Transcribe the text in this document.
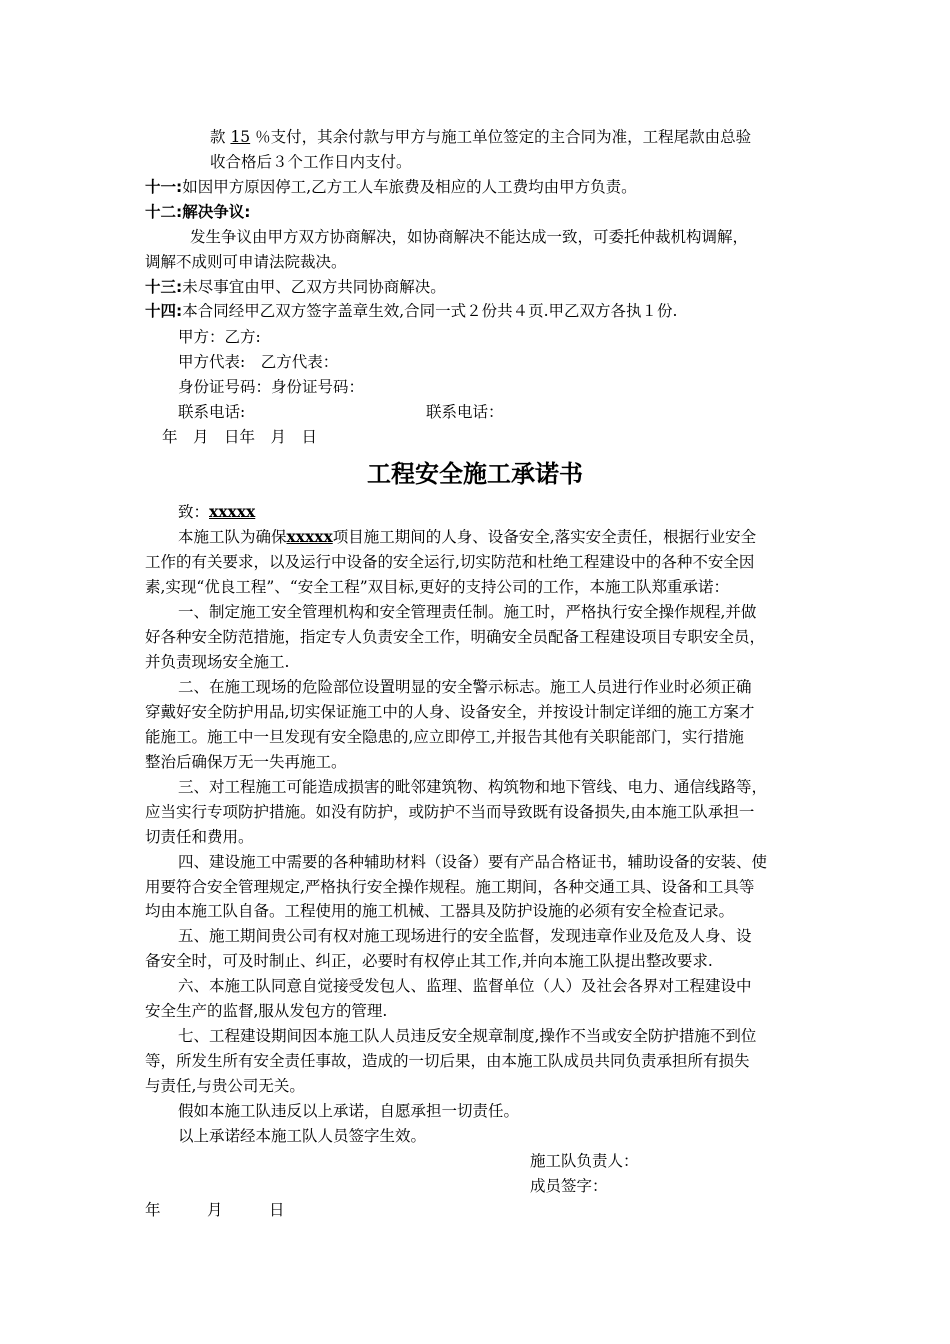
款 15 ％支付，其余付款与甲方与施工单位签定的主合同为准，工程尾款由总验
收合格后３个工作日内支付。
十一:如因甲方原因停工,乙方工人车旅费及相应的人工费均由甲方负责。
十二:解决争议:
发生争议由甲方双方协商解决，如协商解决不能达成一致，可委托仲裁机构调解，
调解不成则可申请法院裁决。
十三:未尽事宜由甲、乙双方共同协商解决。
十四:本合同经甲乙双方签字盖章生效,合同一式２份共４页.甲乙双方各执１份.
甲方：乙方:
甲方代表:　乙方代表：
身份证号码：身份证号码：
联系电话:	联系电话：
年　月　日年　月　日
工程安全施工承诺书
致：xxxxx
本施工队为确保xxxxx项目施工期间的人身、设备安全,落实安全责任，根据行业安全
工作的有关要求，以及运行中设备的安全运行,切实防范和杜绝工程建设中的各种不安全因
素,实现“优良工程”、“安全工程”双目标,更好的支持公司的工作，本施工队郑重承诺：
一、制定施工安全管理机构和安全管理责任制。施工时，严格执行安全操作规程,并做
好各种安全防范措施，指定专人负责安全工作，明确安全员配备工程建设项目专职安全员，
并负责现场安全施工.
二、在施工现场的危险部位设置明显的安全警示标志。施工人员进行作业时必须正确
穿戴好安全防护用品,切实保证施工中的人身、设备安全，并按设计制定详细的施工方案才
能施工。施工中一旦发现有安全隐患的,应立即停工,并报告其他有关职能部门，实行措施
整治后确保万无一失再施工。
三、对工程施工可能造成损害的毗邻建筑物、构筑物和地下管线、电力、通信线路等，
应当实行专项防护措施。如没有防护，或防护不当而导致既有设备损失,由本施工队承担一
切责任和费用。
四、建设施工中需要的各种辅助材料（设备）要有产品合格证书，辅助设备的安装、使
用要符合安全管理规定,严格执行安全操作规程。施工期间，各种交通工具、设备和工具等
均由本施工队自备。工程使用的施工机械、工器具及防护设施的必须有安全检查记录。
五、施工期间贵公司有权对施工现场进行的安全监督，发现违章作业及危及人身、设
备安全时，可及时制止、纠正，必要时有权停止其工作,并向本施工队提出整改要求.
六、本施工队同意自觉接受发包人、监理、监督单位（人）及社会各界对工程建设中
安全生产的监督,服从发包方的管理.
七、工程建设期间因本施工队人员违反安全规章制度,操作不当或安全防护措施不到位
等，所发生所有安全责任事故，造成的一切后果，由本施工队成员共同负责承担所有损失
与责任,与贵公司无关。
假如本施工队违反以上承诺，自愿承担一切责任。
以上承诺经本施工队人员签字生效。
施工队负责人：
成员签字：
年　　　月　　　日
